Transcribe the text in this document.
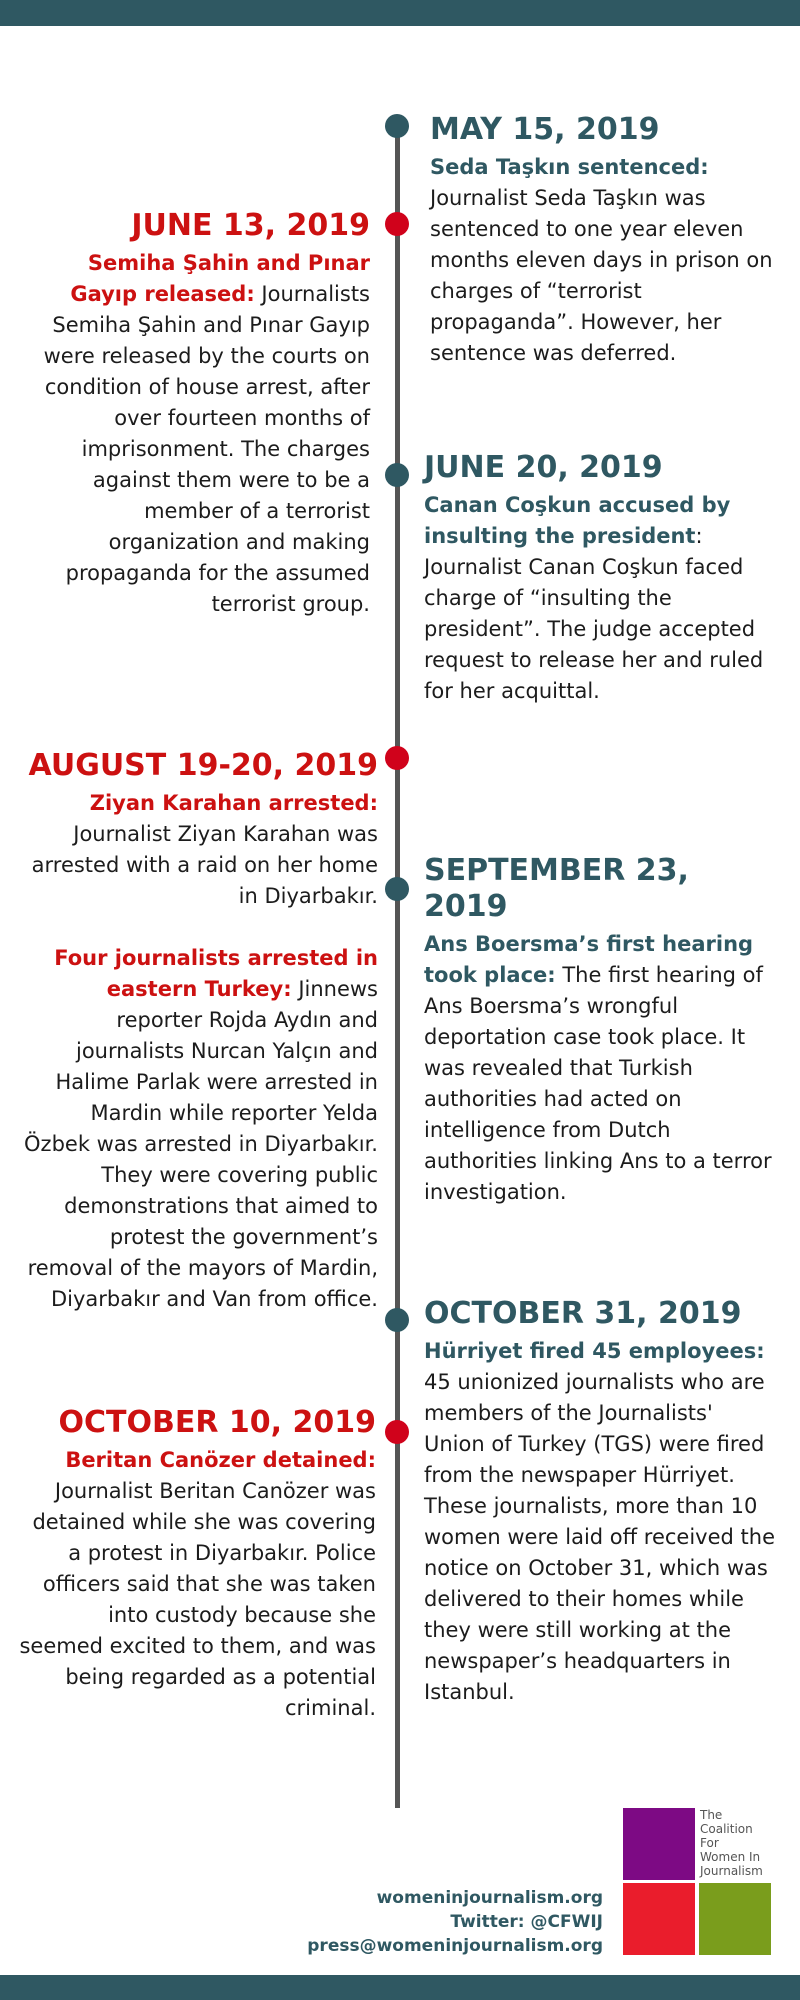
MAY 15, 2019
Seda Taşkın sentenced: Journalist Seda Taşkın was sentenced to one year eleven months eleven days in prison on charges of “terrorist propaganda”. However, her sentence was deferred.
JUNE 20, 2019
Canan Coşkun accused by insulting the president: Journalist Canan Coşkun faced charge of “insulting the president”. The judge accepted request to release her and ruled for her acquittal.
SEPTEMBER 23, 2019
Ans Boersma’s first hearing took place: The first hearing of Ans Boersma’s wrongful deportation case took place. It was revealed that Turkish authorities had acted on intelligence from Dutch authorities linking Ans to a terror investigation.
OCTOBER 31, 2019
Hürriyet fired 45 employees: 45 unionized journalists who are members of the Journalists' Union of Turkey (TGS) were fired from the newspaper Hürriyet. These journalists, more than 10 women were laid off received the notice on October 31, which was delivered to their homes while they were still working at the newspaper’s headquarters in Istanbul.
JUNE 13, 2019
Semiha Şahin and Pınar Gayıp released: Journalists Semiha Şahin and Pınar Gayıp were released by the courts on condition of house arrest, after over fourteen months of imprisonment. The charges against them were to be a member of a terrorist organization and making propaganda for the assumed terrorist group.
AUGUST 19-20, 2019
Ziyan Karahan arrested: Journalist Ziyan Karahan was arrested with a raid on her home in Diyarbakır.
Four journalists arrested in eastern Turkey: Jinnews reporter Rojda Aydın and journalists Nurcan Yalçın and Halime Parlak were arrested in Mardin while reporter Yelda Özbek was arrested in Diyarbakır. They were covering public demonstrations that aimed to protest the government’s removal of the mayors of Mardin, Diyarbakır and Van from office.
OCTOBER 10, 2019
Beritan Canözer detained: Journalist Beritan Canözer was detained while she was covering a protest in Diyarbakır. Police officers said that she was taken into custody because she seemed excited to them, and was being regarded as a potential criminal.
womeninjournalism.org
Twitter: @CFWIJ
press@womeninjournalism.org
The
Coalition
For
Women In
Journalism
